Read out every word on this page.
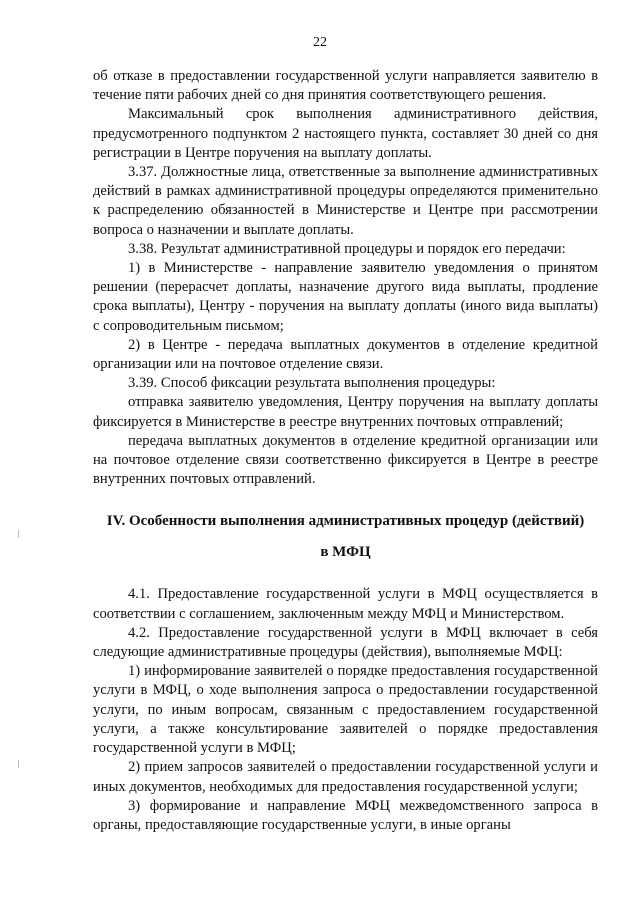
22

об отказе в предоставлении государственной услуги направляется заявителю в течение пяти рабочих дней со дня принятия соответствующего решения.

Максимальный срок выполнения административного действия, предусмотренного подпунктом 2 настоящего пункта, составляет 30 дней со дня регистрации в Центре поручения на выплату доплаты.

3.37. Должностные лица, ответственные за выполнение административных действий в рамках административной процедуры определяются применительно к распределению обязанностей в Министерстве и Центре при рассмотрении вопроса о назначении и выплате доплаты.

3.38. Результат административной процедуры и порядок его передачи:

1) в Министерстве - направление заявителю уведомления о принятом решении (перерасчет доплаты, назначение другого вида выплаты, продление срока выплаты), Центру - поручения на выплату доплаты (иного вида выплаты) с сопроводительным письмом;

2) в Центре - передача выплатных документов в отделение кредитной организации или на почтовое отделение связи.

3.39. Способ фиксации результата выполнения процедуры:

отправка заявителю уведомления, Центру поручения на выплату доплаты фиксируется в Министерстве в реестре внутренних почтовых отправлений;

передача выплатных документов в отделение кредитной организации или на почтовое отделение связи соответственно фиксируется в Центре в реестре внутренних почтовых отправлений.

IV. Особенности выполнения административных процедур (действий)
в МФЦ

4.1. Предоставление государственной услуги в МФЦ осуществляется в соответствии с соглашением, заключенным между МФЦ и Министерством.

4.2. Предоставление государственной услуги в МФЦ включает в себя следующие административные процедуры (действия), выполняемые МФЦ:

1) информирование заявителей о порядке предоставления государственной услуги в МФЦ, о ходе выполнения запроса о предоставлении государственной услуги, по иным вопросам, связанным с предоставлением государственной услуги, а также консультирование заявителей о порядке предоставления государственной услуги в МФЦ;

2) прием запросов заявителей о предоставлении государственной услуги и иных документов, необходимых для предоставления государственной услуги;

3) формирование и направление МФЦ межведомственного запроса в органы, предоставляющие государственные услуги, в иные органы
